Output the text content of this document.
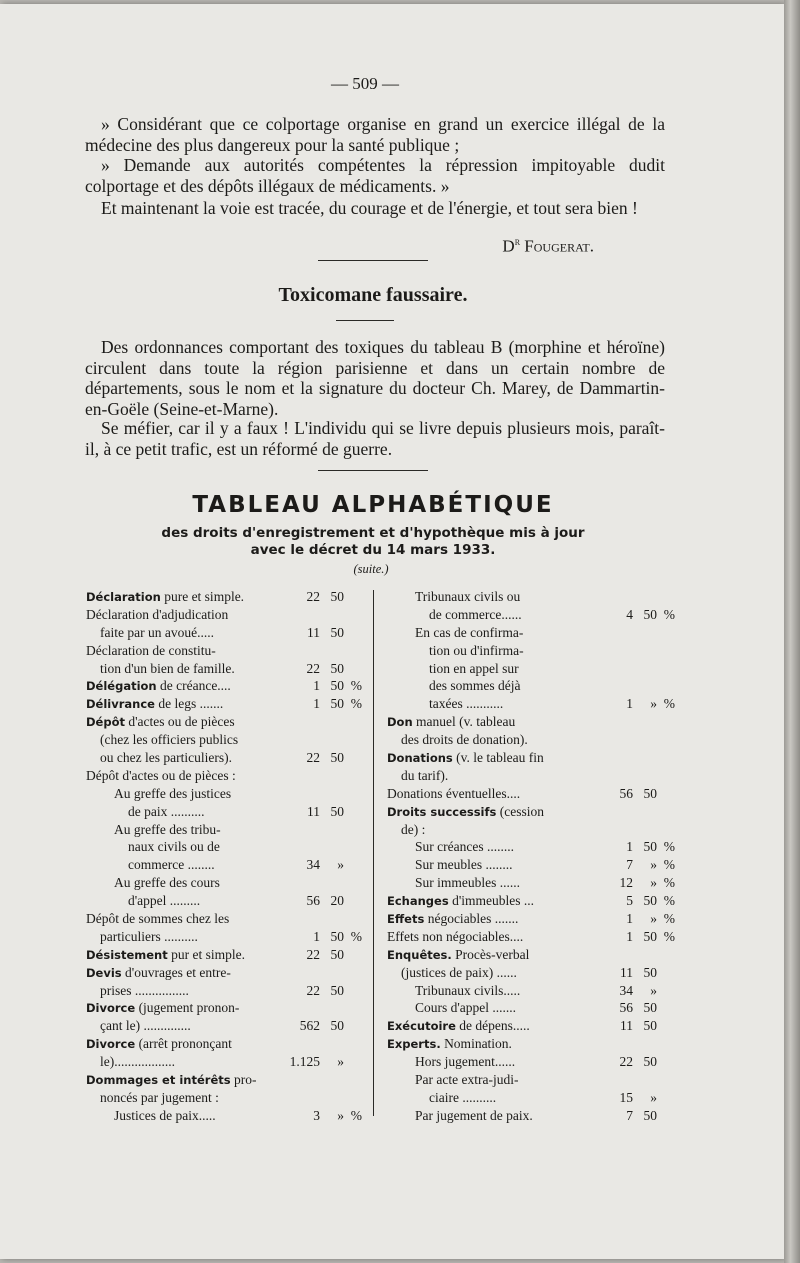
— 509 —
» Considérant que ce colportage organise en grand un exercice illégal de la médecine des plus dangereux pour la santé publique ;
» Demande aux autorités compétentes la répression impitoyable dudit colportage et des dépôts illégaux de médicaments. »
Et maintenant la voie est tracée, du courage et de l'énergie, et tout sera bien !
$D^r$ Fougerat.
Toxicomane faussaire.
Des ordonnances comportant des toxiques du tableau B (morphine et héroïne) circulent dans toute la région parisienne et dans un certain nombre de départements, sous le nom et la signature du docteur Ch. Marey, de Dammartin-en-Goële (Seine-et-Marne).
Se méfier, car il y a faux ! L'individu qui se livre depuis plusieurs mois, paraît-il, à ce petit trafic, est un réformé de guerre.
TABLEAU ALPHABÉTIQUE
des droits d'enregistrement et d'hypothèque mis à jour
avec le décret du 14 mars 1933.
(suite.)
Déclaration pure et simple.	22 50
Déclaration d'adjudication
faite par un avoué.....	11 50
Déclaration de constitu-
tion d'un bien de famille.	22 50
Délégation de créance....	1 50 %
Délivrance de legs .......	1 50 %
Dépôt d'actes ou de pièces
(chez les officiers publics
ou chez les particuliers).	22 50
Dépôt d'actes ou de pièces :
Au greffe des justices
de paix ..........	11 50
Au greffe des tribu-
naux civils ou de
commerce ........	34 »
Au greffe des cours
d'appel .........	56 20
Dépôt de sommes chez les
particuliers ..........	1 50 %
Désistement pur et simple.	22 50
Devis d'ouvrages et entre-
prises ................	22 50
Divorce (jugement pronon-
çant le) ..............	562 50
Divorce (arrêt prononçant
le)..................	1.125 »
Dommages et intérêts pro-
noncés par jugement :
Justices de paix.....	3 » %
Tribunaux civils ou
de commerce......	4 50 %
En cas de confirma-
tion ou d'infirma-
tion en appel sur
des sommes déjà
taxées ...........	1 » %
Don manuel (v. tableau
des droits de donation).
Donations (v. le tableau fin
du tarif).
Donations éventuelles....	56 50
Droits successifs (cession
de) :
Sur créances ........	1 50 %
Sur meubles ........	7 » %
Sur immeubles ......	12 » %
Echanges d'immeubles ...	5 50 %
Effets négociables .......	1 » %
Effets non négociables....	1 50 %
Enquêtes. Procès-verbal
(justices de paix) ......	11 50
Tribunaux civils.....	34 »
Cours d'appel .......	56 50
Exécutoire de dépens.....	11 50
Experts. Nomination.
Hors jugement......	22 50
Par acte extra-judi-
ciaire ..........	15 »
Par jugement de paix.	7 50
